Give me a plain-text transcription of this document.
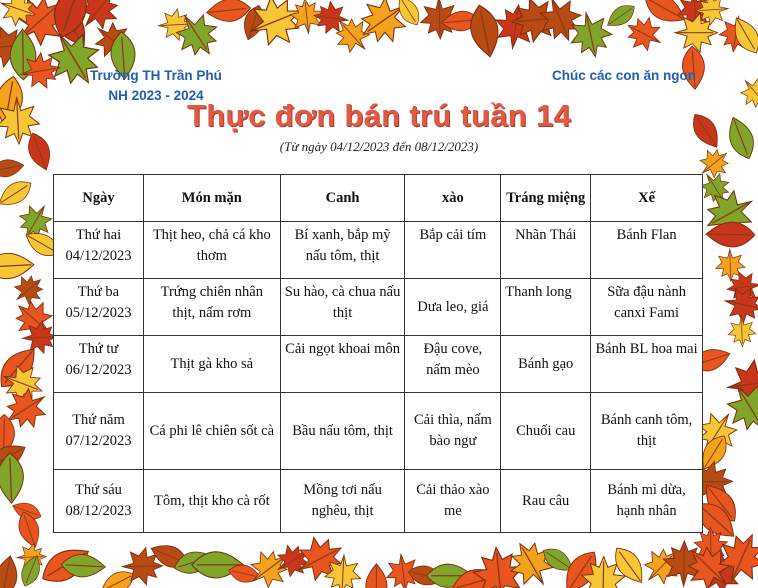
Trường TH Trần Phú
NH 2023 - 2024
Chúc các con ăn ngon
Thực đơn bán trú tuần 14
(Từ ngày 04/12/2023 đến 08/12/2023)
Ngày	Món mặn	Canh	xào	Tráng miệng	Xế

Thứ hai
04/12/2023	Thịt heo, chả cá kho thơm	Bí xanh, bắp mỹ nấu tôm, thịt	Bắp cải tím	Nhãn Thái	Bánh Flan

Thứ ba
05/12/2023	Trứng chiên nhân thịt, nấm rơm	Su hào, cà chua nấu thịt	Dưa leo, giá	Thanh long	Sữa đậu nành canxi Fami

Thứ tư
06/12/2023	Thịt gà kho sả	Cải ngọt khoai môn	Đậu cove, nấm mèo	Bánh gạo	Bánh BL hoa mai

Thứ năm
07/12/2023	Cá phi lê chiên sốt cà	Bầu nấu tôm, thịt	Cải thìa, nấm bào ngư	Chuối cau	Bánh canh tôm, thịt

Thứ sáu
08/12/2023	Tôm, thịt kho cà rốt	Mồng tơi nấu nghêu, thịt	Cải thảo xào me	Rau câu	Bánh mì dừa, hạnh nhân
